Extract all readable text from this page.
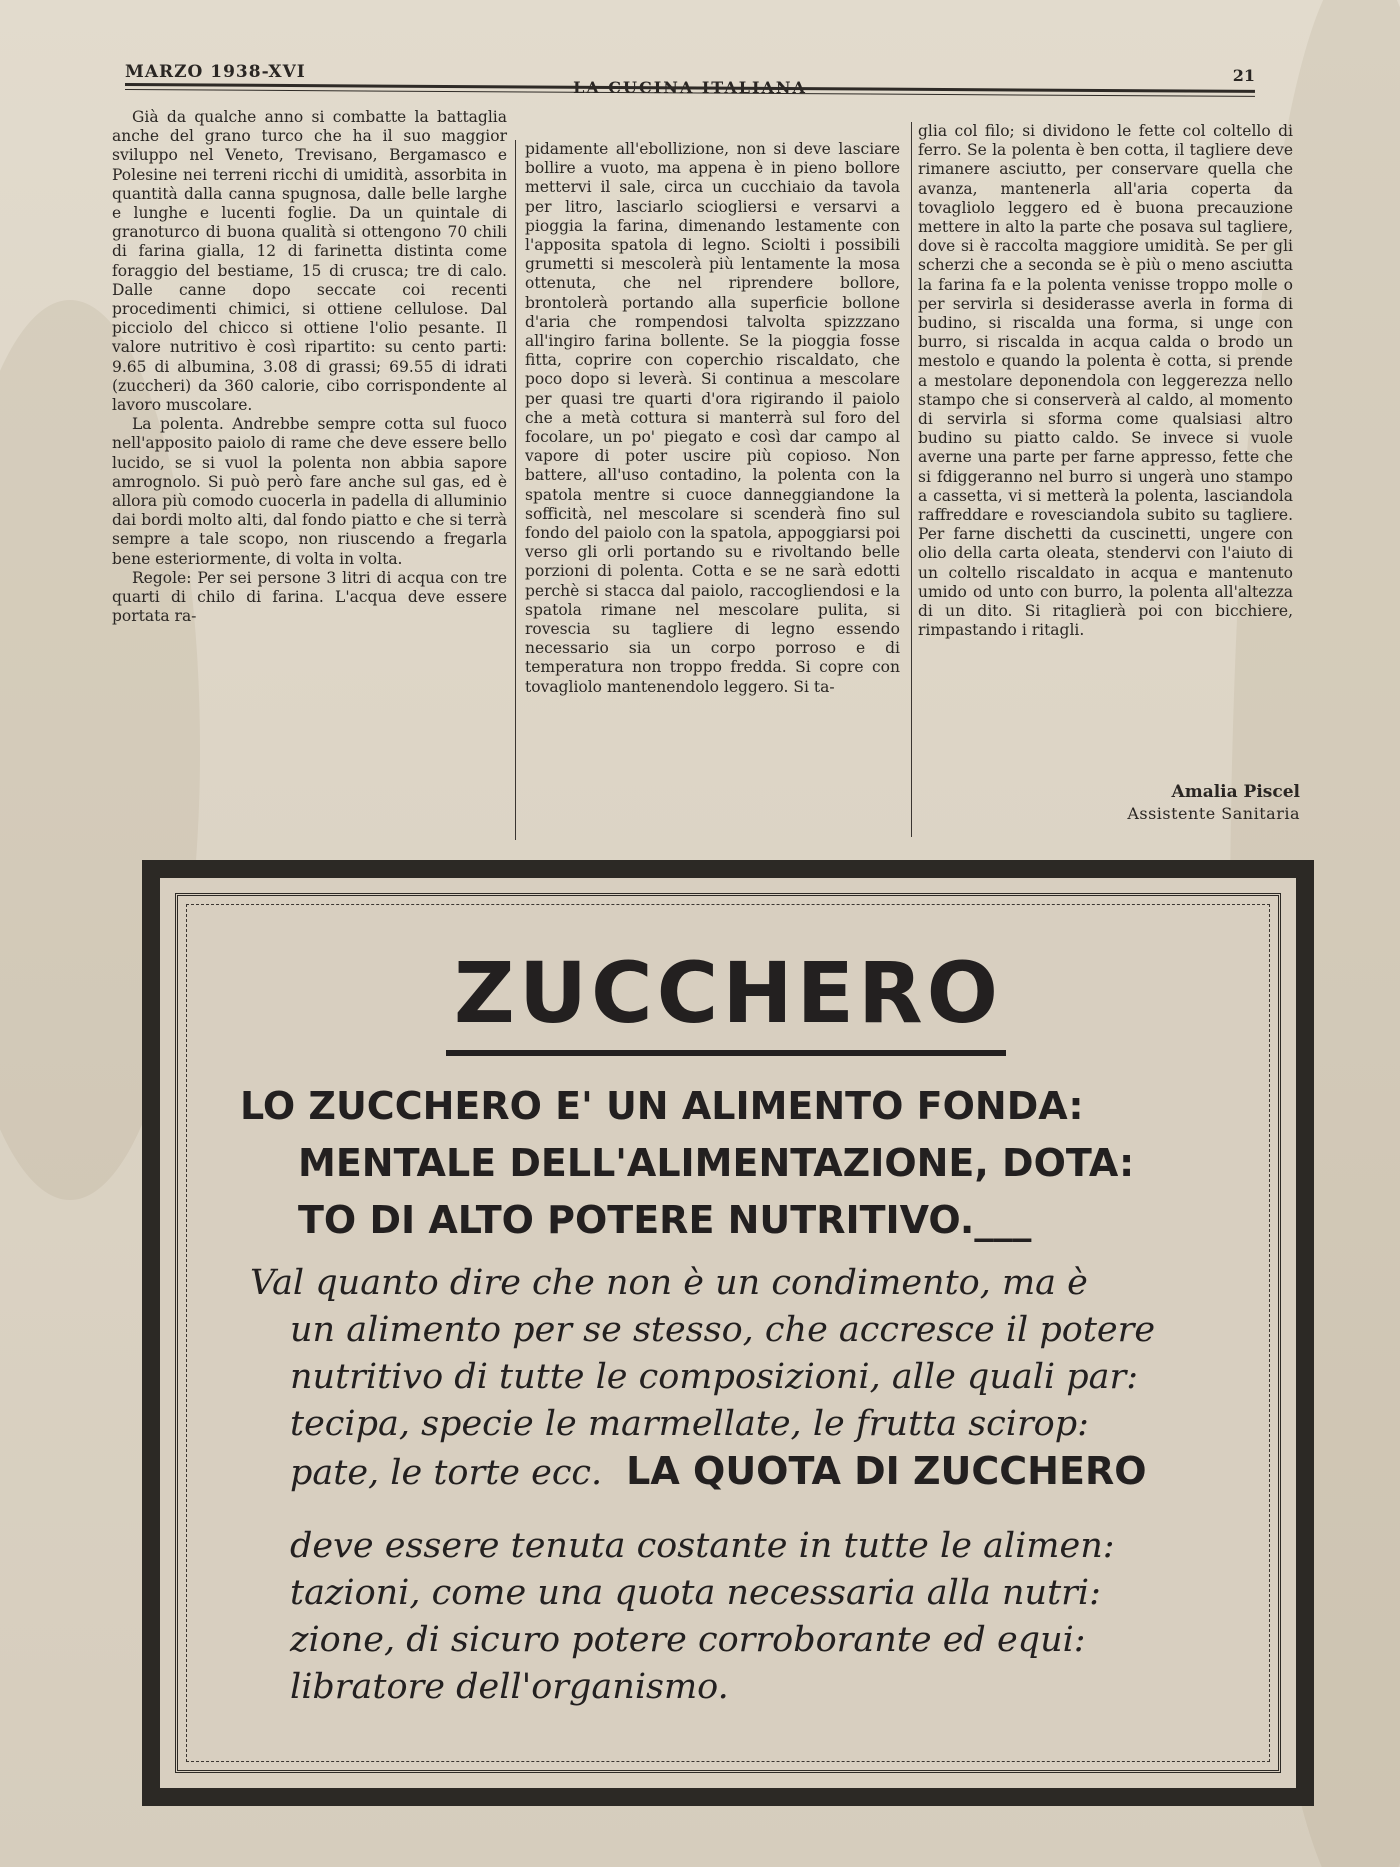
MARZO 1938-XVI
LA CUCINA ITALIANA
21

Già da qualche anno si combatte la battaglia anche del grano turco che ha il suo maggior sviluppo nel Veneto, Trevisano, Bergamasco e Polesine nei terreni ricchi di umidità, assorbita in quantità dalla canna spugnosa, dalle belle larghe e lunghe e lucenti foglie. Da un quintale di granoturco di buona qualità si ottengono 70 chili di farina gialla, 12 di farinetta distinta come foraggio del bestiame, 15 di crusca; tre di calo. Dalle canne dopo seccate coi recenti procedimenti chimici, si ottiene cellulose. Dal picciolo del chicco si ottiene l'olio pesante. Il valore nutritivo è così ripartito: su cento parti: 9.65 di albumina, 3.08 di grassi; 69.55 di idrati (zuccheri) da 360 calorie, cibo corrispondente al lavoro muscolare.

La polenta. Andrebbe sempre cotta sul fuoco nell'apposito paiolo di rame che deve essere bello lucido, se si vuol la polenta non abbia sapore amrognolo. Si può però fare anche sul gas, ed è allora più comodo cuocerla in padella di alluminio dai bordi molto alti, dal fondo piatto e che si terrà sempre a tale scopo, non riuscendo a fregarla bene esteriormente, di volta in volta.

Regole: Per sei persone 3 litri di acqua con tre quarti di chilo di farina. L'acqua deve essere portata ra-

pidamente all'ebollizione, non si deve lasciare bollire a vuoto, ma appena è in pieno bollore mettervi il sale, circa un cucchiaio da tavola per litro, lasciarlo sciogliersi e versarvi a pioggia la farina, dimenando lestamente con l'apposita spatola di legno. Sciolti i possibili grumetti si mescolerà più lentamente la mosa ottenuta, che nel riprendere bollore, brontolerà portando alla superficie bollone d'aria che rompendosi talvolta spizzzano all'ingiro farina bollente. Se la pioggia fosse fitta, coprire con coperchio riscaldato, che poco dopo si leverà. Si continua a mescolare per quasi tre quarti d'ora rigirando il paiolo che a metà cottura si manterrà sul foro del focolare, un po' piegato e così dar campo al vapore di poter uscire più copioso. Non battere, all'uso contadino, la polenta con la spatola mentre si cuoce danneggiandone la sofficità, nel mescolare si scenderà fino sul fondo del paiolo con la spatola, appoggiarsi poi verso gli orli portando su e rivoltando belle porzioni di polenta. Cotta e se ne sarà edotti perchè si stacca dal paiolo, raccogliendosi e la spatola rimane nel mescolare pulita, si rovescia su tagliere di legno essendo necessario sia un corpo porroso e di temperatura non troppo fredda. Si copre con tovagliolo mantenendolo leggero. Si ta-

glia col filo; si dividono le fette col coltello di ferro. Se la polenta è ben cotta, il tagliere deve rimanere asciutto, per conservare quella che avanza, mantenerla all'aria coperta da tovagliolo leggero ed è buona precauzione mettere in alto la parte che posava sul tagliere, dove si è raccolta maggiore umidità. Se per gli scherzi che a seconda se è più o meno asciutta la farina fa e la polenta venisse troppo molle o per servirla si desiderasse averla in forma di budino, si riscalda una forma, si unge con burro, si riscalda in acqua calda o brodo un mestolo e quando la polenta è cotta, si prende a mestolare deponendola con leggerezza nello stampo che si conserverà al caldo, al momento di servirla si sforma come qualsiasi altro budino su piatto caldo. Se invece si vuole averne una parte per farne appresso, fette che si fdiggeranno nel burro si ungerà uno stampo a cassetta, vi si metterà la polenta, lasciandola raffreddare e rovesciandola subito su tagliere. Per farne dischetti da cuscinetti, ungere con olio della carta oleata, stendervi con l'aiuto di un coltello riscaldato in acqua e mantenuto umido od unto con burro, la polenta all'altezza di un dito. Si ritaglierà poi con bicchiere, rimpastando i ritagli.

Amalia Piscel
Assistente Sanitaria
ZUCCHERO
LO ZUCCHERO E' UN ALIMENTO FONDA:
MENTALE DELL'ALIMENTAZIONE, DOTA:
TO DI ALTO POTERE NUTRITIVO.___
Val quanto dire che non è un condimento, ma è
un alimento per se stesso, che accresce il potere
nutritivo di tutte le composizioni, alle quali par:
tecipa, specie le marmellate, le frutta scirop:
pate, le torte ecc. LA QUOTA DI ZUCCHERO
deve essere tenuta costante in tutte le alimen:
tazioni, come una quota necessaria alla nutri:
zione, di sicuro potere corroborante ed equi:
libratore dell'organismo.
